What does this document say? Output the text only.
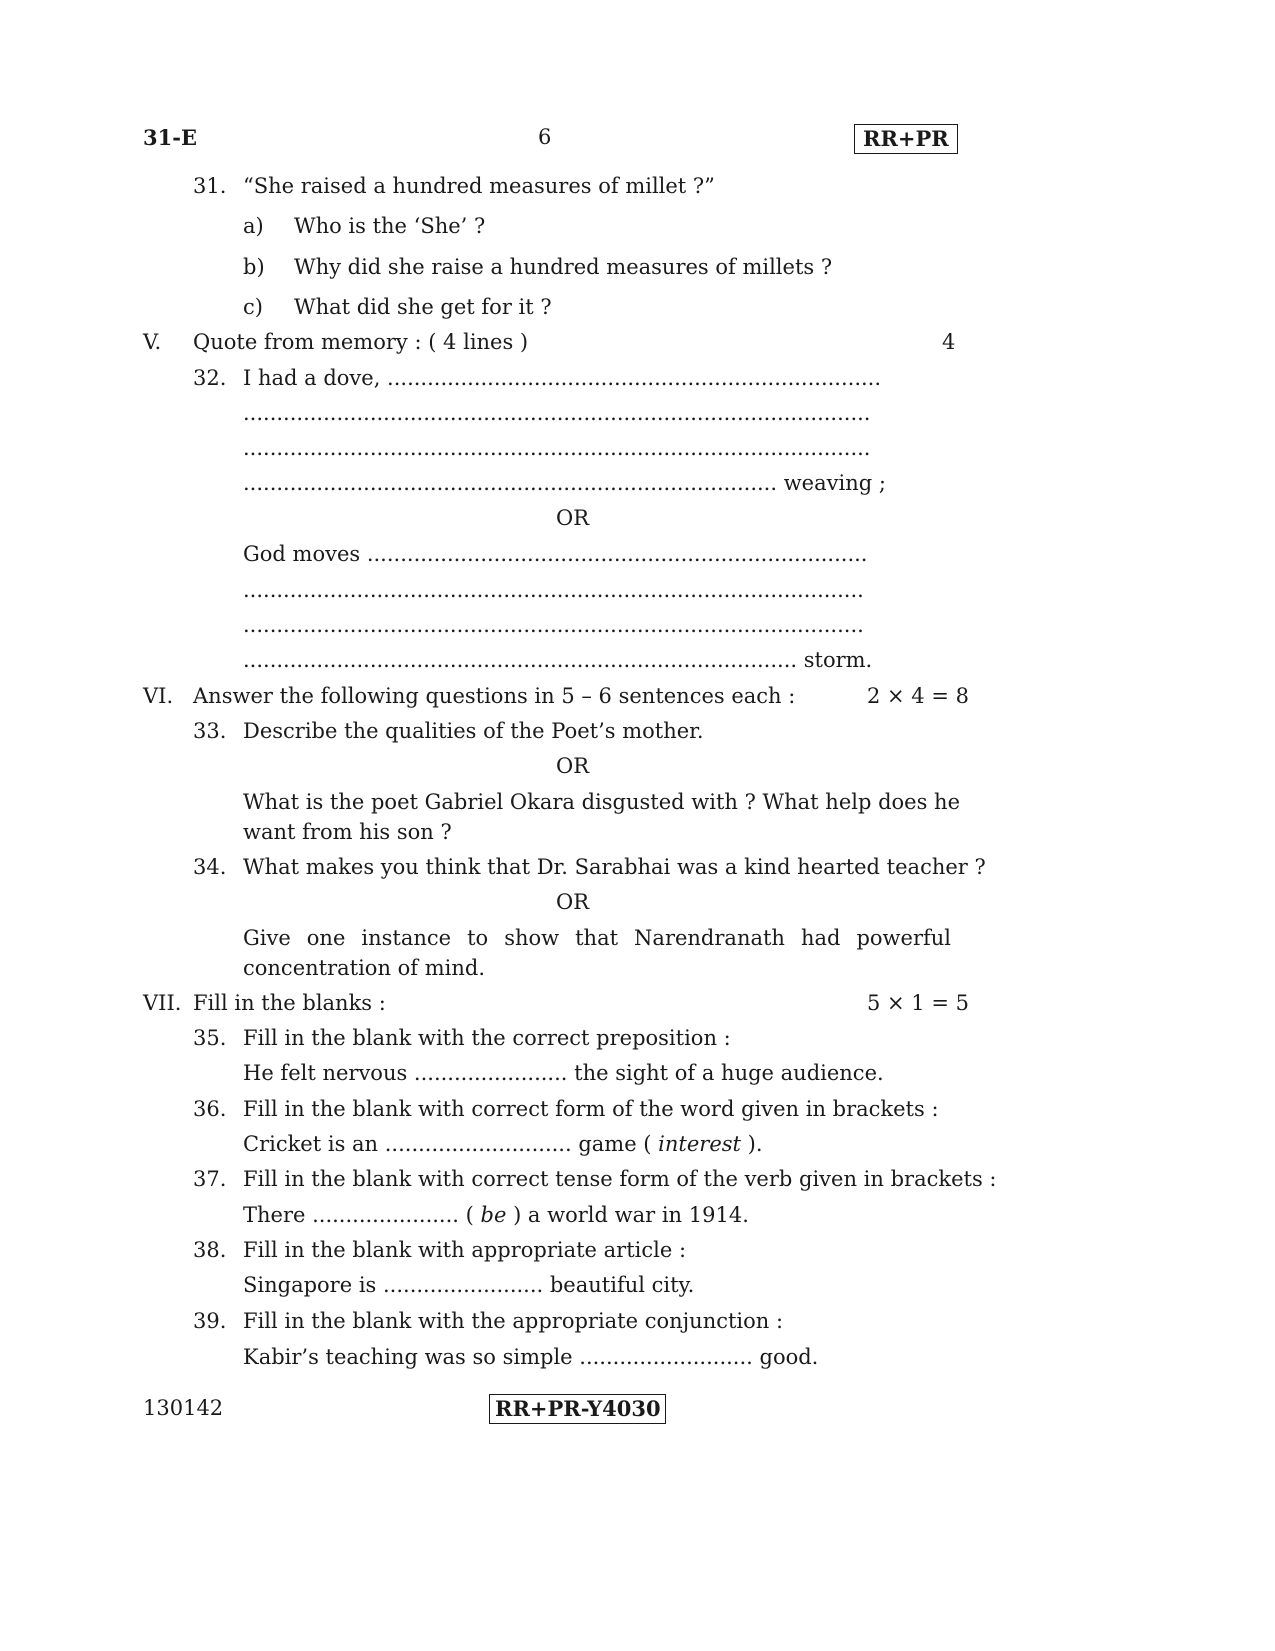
31-E	6	RR+PR
31. “She raised a hundred measures of millet ?”
a) Who is the ‘She’ ?
b) Why did she raise a hundred measures of millets ?
c) What did she get for it ?
V. Quote from memory : ( 4 lines )	4
32. I had a dove, ..........................................................................
..............................................................................................
..............................................................................................
................................................................................ weaving ;
OR
God moves ...........................................................................
.............................................................................................
.............................................................................................
................................................................................... storm.
VI. Answer the following questions in 5 – 6 sentences each :	2 × 4 = 8
33. Describe the qualities of the Poet’s mother.
OR
What is the poet Gabriel Okara disgusted with ? What help does he
want from his son ?
34. What makes you think that Dr. Sarabhai was a kind hearted teacher ?
OR
Give one instance to show that Narendranath had powerful
concentration of mind.
VII. Fill in the blanks :	5 × 1 = 5
35. Fill in the blank with the correct preposition :
He felt nervous ....................... the sight of a huge audience.
36. Fill in the blank with correct form of the word given in brackets :
Cricket is an ............................ game ( interest ).
37. Fill in the blank with correct tense form of the verb given in brackets :
There ...................... ( be ) a world war in 1914.
38. Fill in the blank with appropriate article :
Singapore is ........................ beautiful city.
39. Fill in the blank with the appropriate conjunction :
Kabir’s teaching was so simple .......................... good.
130142	RR+PR-Y4030
